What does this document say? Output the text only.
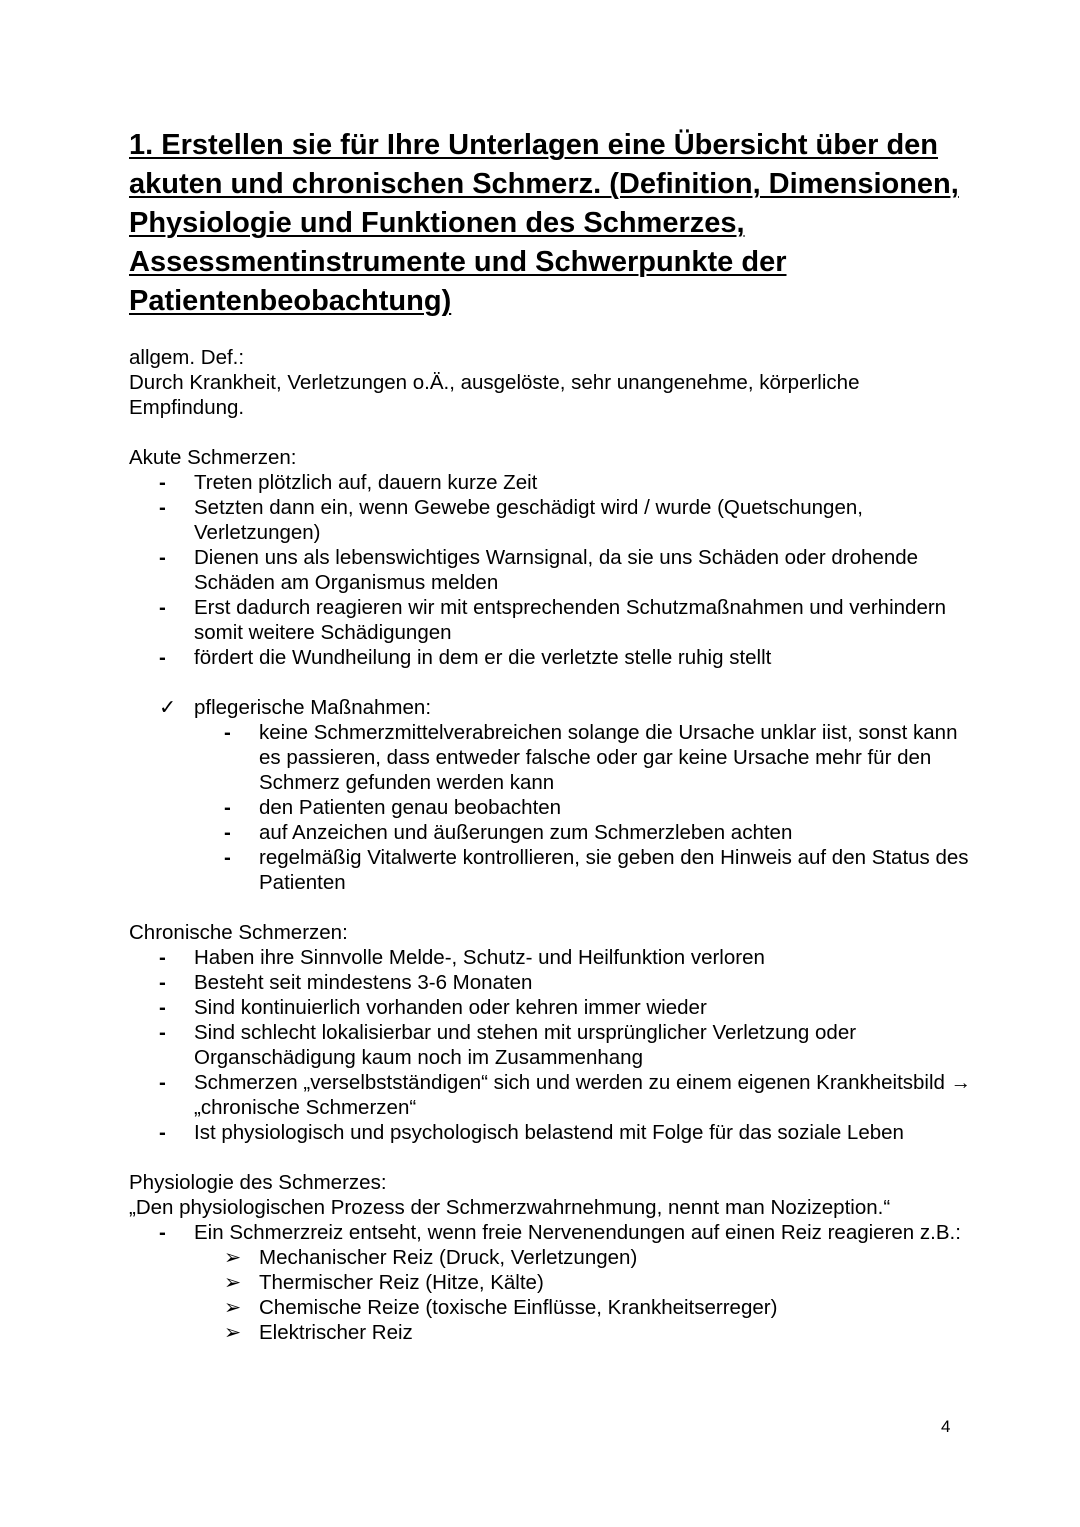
1. Erstellen sie für Ihre Unterlagen eine Übersicht über den akuten und chronischen Schmerz. (Definition, Dimensionen, Physiologie und Funktionen des Schmerzes, Assessmentinstrumente und Schwerpunkte der Patientenbeobachtung)

allgem. Def.:

Durch Krankheit, Verletzungen o.Ä., ausgelöste, sehr unangenehme, körperliche Empfindung.

Akute Schmerzen:

- Treten plötzlich auf, dauern kurze Zeit
- Setzten dann ein, wenn Gewebe geschädigt wird / wurde (Quetschungen, Verletzungen)
- Dienen uns als lebenswichtiges Warnsignal, da sie uns Schäden oder drohende Schäden am Organismus melden
- Erst dadurch reagieren wir mit entsprechenden Schutzmaßnahmen und verhindern somit weitere Schädigungen
- fördert die Wundheilung in dem er die verletzte stelle ruhig stellt
✓ pflegerische Maßnahmen:
- keine Schmerzmittelverabreichen solange die Ursache unklar iist, sonst kann es passieren, dass entweder falsche oder gar keine Ursache mehr für den Schmerz gefunden werden kann
- den Patienten genau beobachten
- auf Anzeichen und äußerungen zum Schmerzleben achten
- regelmäßig Vitalwerte kontrollieren, sie geben den Hinweis auf den Status des Patienten

Chronische Schmerzen:

- Haben ihre Sinnvolle Melde-, Schutz- und Heilfunktion verloren
- Besteht seit mindestens 3-6 Monaten
- Sind kontinuierlich vorhanden oder kehren immer wieder
- Sind schlecht lokalisierbar und stehen mit ursprünglicher Verletzung oder Organschädigung kaum noch im Zusammenhang
- Schmerzen „verselbstständigen“ sich und werden zu einem eigenen Krankheitsbild → „chronische Schmerzen“
- Ist physiologisch und psychologisch belastend mit Folge für das soziale Leben

Physiologie des Schmerzes:

„Den physiologischen Prozess der Schmerzwahrnehmung, nennt man Nozizeption.“

- Ein Schmerzreiz entseht, wenn freie Nervenendungen auf einen Reiz reagieren z.B.:
➢ Mechanischer Reiz (Druck, Verletzungen)
➢ Thermischer Reiz (Hitze, Kälte)
➢ Chemische Reize (toxische Einflüsse, Krankheitserreger)
➢ Elektrischer Reiz
4
